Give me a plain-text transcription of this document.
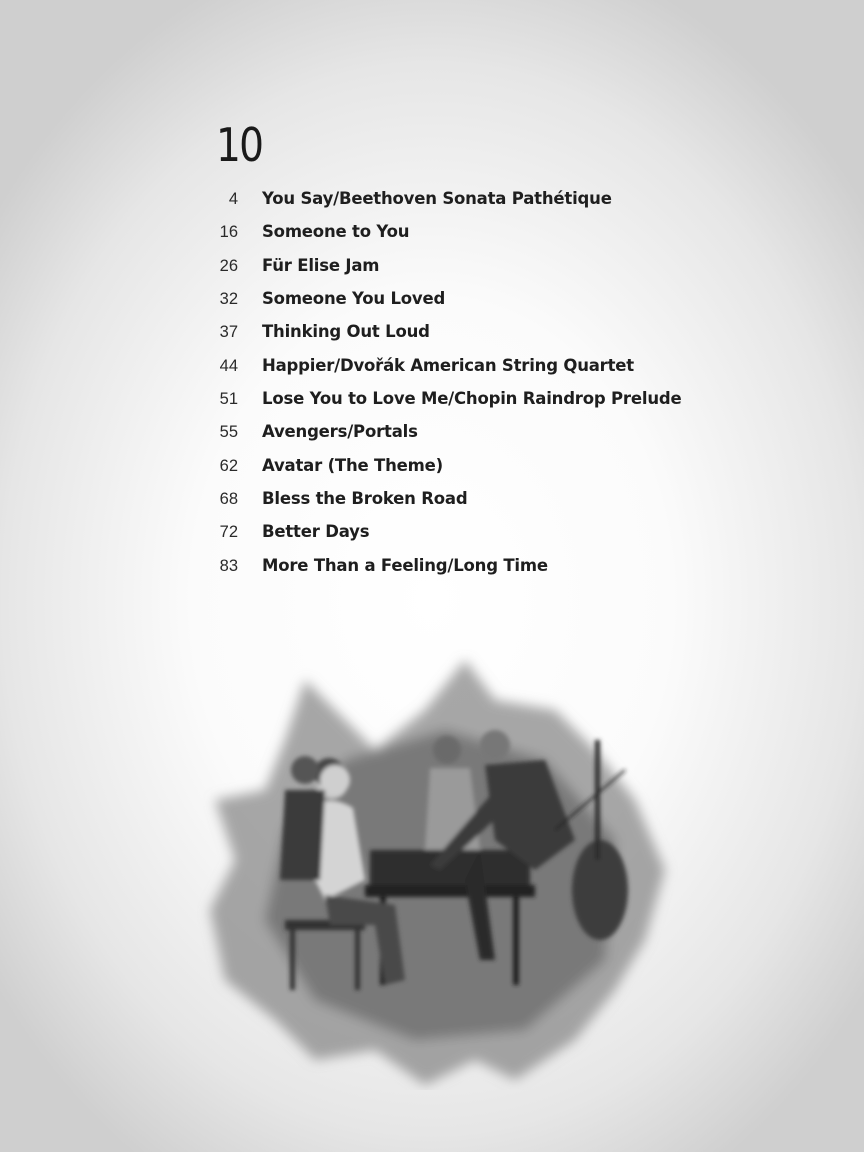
10
4 You Say/Beethoven Sonata Pathétique
16 Someone to You
26 Für Elise Jam
32 Someone You Loved
37 Thinking Out Loud
44 Happier/Dvořák American String Quartet
51 Lose You to Love Me/Chopin Raindrop Prelude
55 Avengers/Portals
62 Avatar (The Theme)
68 Bless the Broken Road
72 Better Days
83 More Than a Feeling/Long Time
